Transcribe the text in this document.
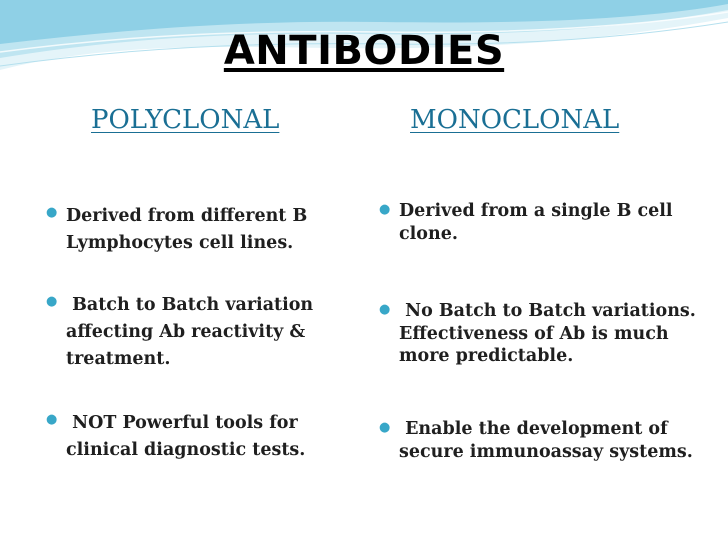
ANTIBODIES
POLYCLONAL	MONOCLONAL
● Derived from different B Lymphocytes cell lines.
● Batch to Batch variation affecting Ab reactivity & treatment.
● NOT Powerful tools for clinical diagnostic tests.
● Derived from a single B cell clone.
● No Batch to Batch variations. Effectiveness of Ab is much more predictable.
● Enable the development of secure immunoassay systems.
